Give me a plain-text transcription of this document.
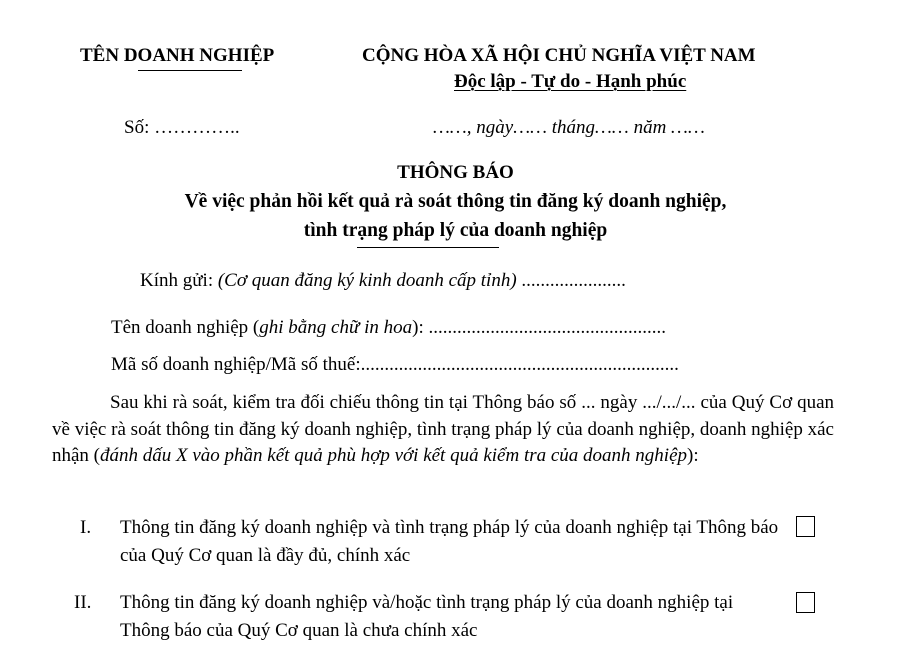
TÊN DOANH NGHIỆP	CỘNG HÒA XÃ HỘI CHỦ NGHĨA VIỆT NAM
Độc lập - Tự do - Hạnh phúc
Số: …………..	……, ngày…… tháng…… năm ……
THÔNG BÁO
Về việc phản hồi kết quả rà soát thông tin đăng ký doanh nghiệp,
tình trạng pháp lý của doanh nghiệp
Kính gửi: (Cơ quan đăng ký kinh doanh cấp tỉnh) ......................
Tên doanh nghiệp (ghi bằng chữ in hoa): ..................................................
Mã số doanh nghiệp/Mã số thuế:...................................................................
Sau khi rà soát, kiểm tra đối chiếu thông tin tại Thông báo số ... ngày .../.../... của Quý Cơ quan về việc rà soát thông tin đăng ký doanh nghiệp, tình trạng pháp lý của doanh nghiệp, doanh nghiệp xác nhận (đánh dấu X vào phần kết quả phù hợp với kết quả kiểm tra của doanh nghiệp):
I. Thông tin đăng ký doanh nghiệp và tình trạng pháp lý của doanh nghiệp tại Thông báo của Quý Cơ quan là đầy đủ, chính xác
II. Thông tin đăng ký doanh nghiệp và/hoặc tình trạng pháp lý của doanh nghiệp tại Thông báo của Quý Cơ quan là chưa chính xác
